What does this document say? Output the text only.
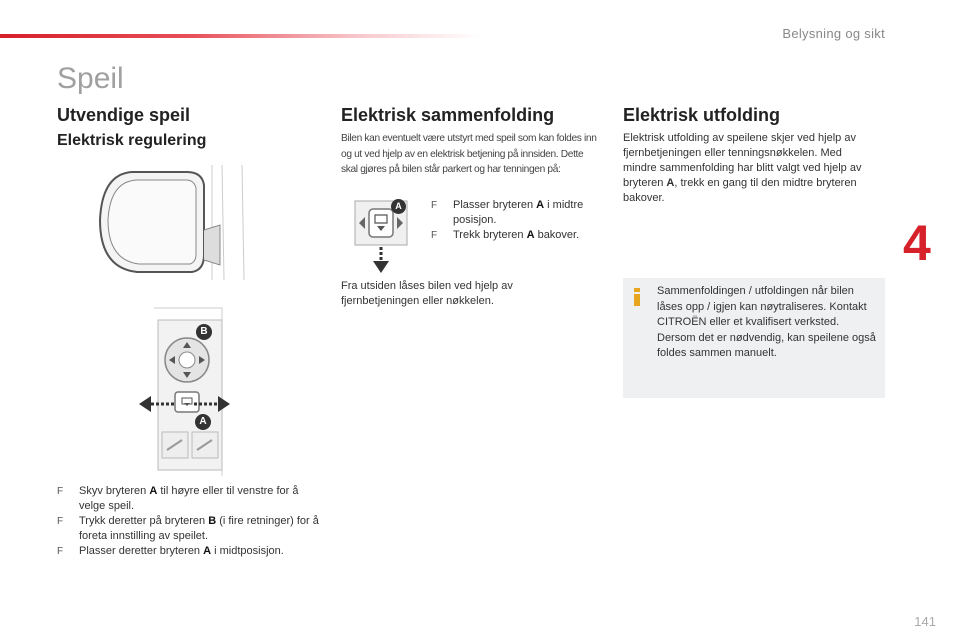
Belysning og sikt
Speil
4
141
Utvendige speil
Elektrisk regulering
B
A
F Skyv bryteren A til høyre eller til venstre for å velge speil.
F Trykk deretter på bryteren B (i fire retninger) for å foreta innstilling av speilet.
F Plasser deretter bryteren A i midtposisjon.
Elektrisk sammenfolding
Bilen kan eventuelt være utstyrt med speil som kan foldes inn og ut ved hjelp av en elektrisk betjening på innsiden. Dette skal gjøres på bilen står parkert og har tenningen på:
A	F Plasser bryteren A i midtre posisjon.
F Trekk bryteren A bakover.
Fra utsiden låses bilen ved hjelp av fjernbetjeningen eller nøkkelen.
Elektrisk utfolding
Elektrisk utfolding av speilene skjer ved hjelp av fjernbetjeningen eller tenningsnøkkelen. Med mindre sammenfolding har blitt valgt ved hjelp av bryteren A, trekk en gang til den midtre bryteren bakover.
Sammenfoldingen / utfoldingen når bilen låses opp / igjen kan nøytraliseres. Kontakt CITROËN eller et kvalifisert verksted.
Dersom det er nødvendig, kan speilene også foldes sammen manuelt.
